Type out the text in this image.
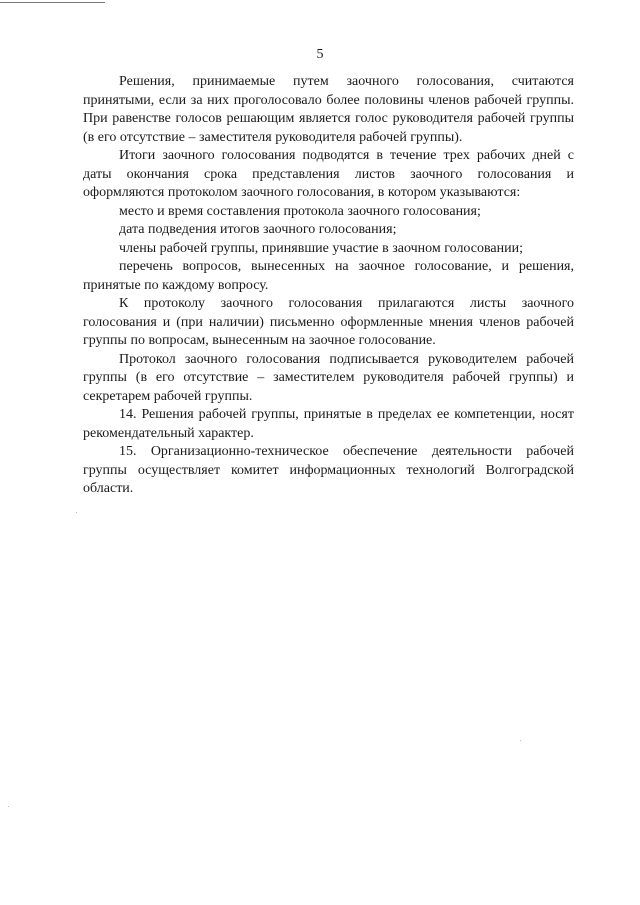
5

Решения, принимаемые путем заочного голосования, считаются принятыми, если за них проголосовало более половины членов рабочей группы. При равенстве голосов решающим является голос руководителя рабочей группы (в его отсутствие – заместителя руководителя рабочей группы).

Итоги заочного голосования подводятся в течение трех рабочих дней с даты окончания срока представления листов заочного голосования и оформляются протоколом заочного голосования, в котором указываются:

место и время составления протокола заочного голосования;

дата подведения итогов заочного голосования;

члены рабочей группы, принявшие участие в заочном голосовании;

перечень вопросов, вынесенных на заочное голосование, и решения, принятые по каждому вопросу.

К протоколу заочного голосования прилагаются листы заочного голосования и (при наличии) письменно оформленные мнения членов рабочей группы по вопросам, вынесенным на заочное голосование.

Протокол заочного голосования подписывается руководителем рабочей группы (в его отсутствие – заместителем руководителя рабочей группы) и секретарем рабочей группы.

14. Решения рабочей группы, принятые в пределах ее компетенции, носят рекомендательный характер.

15. Организационно-техническое обеспечение деятельности рабочей группы осуществляет комитет информационных технологий Волгоградской области.
